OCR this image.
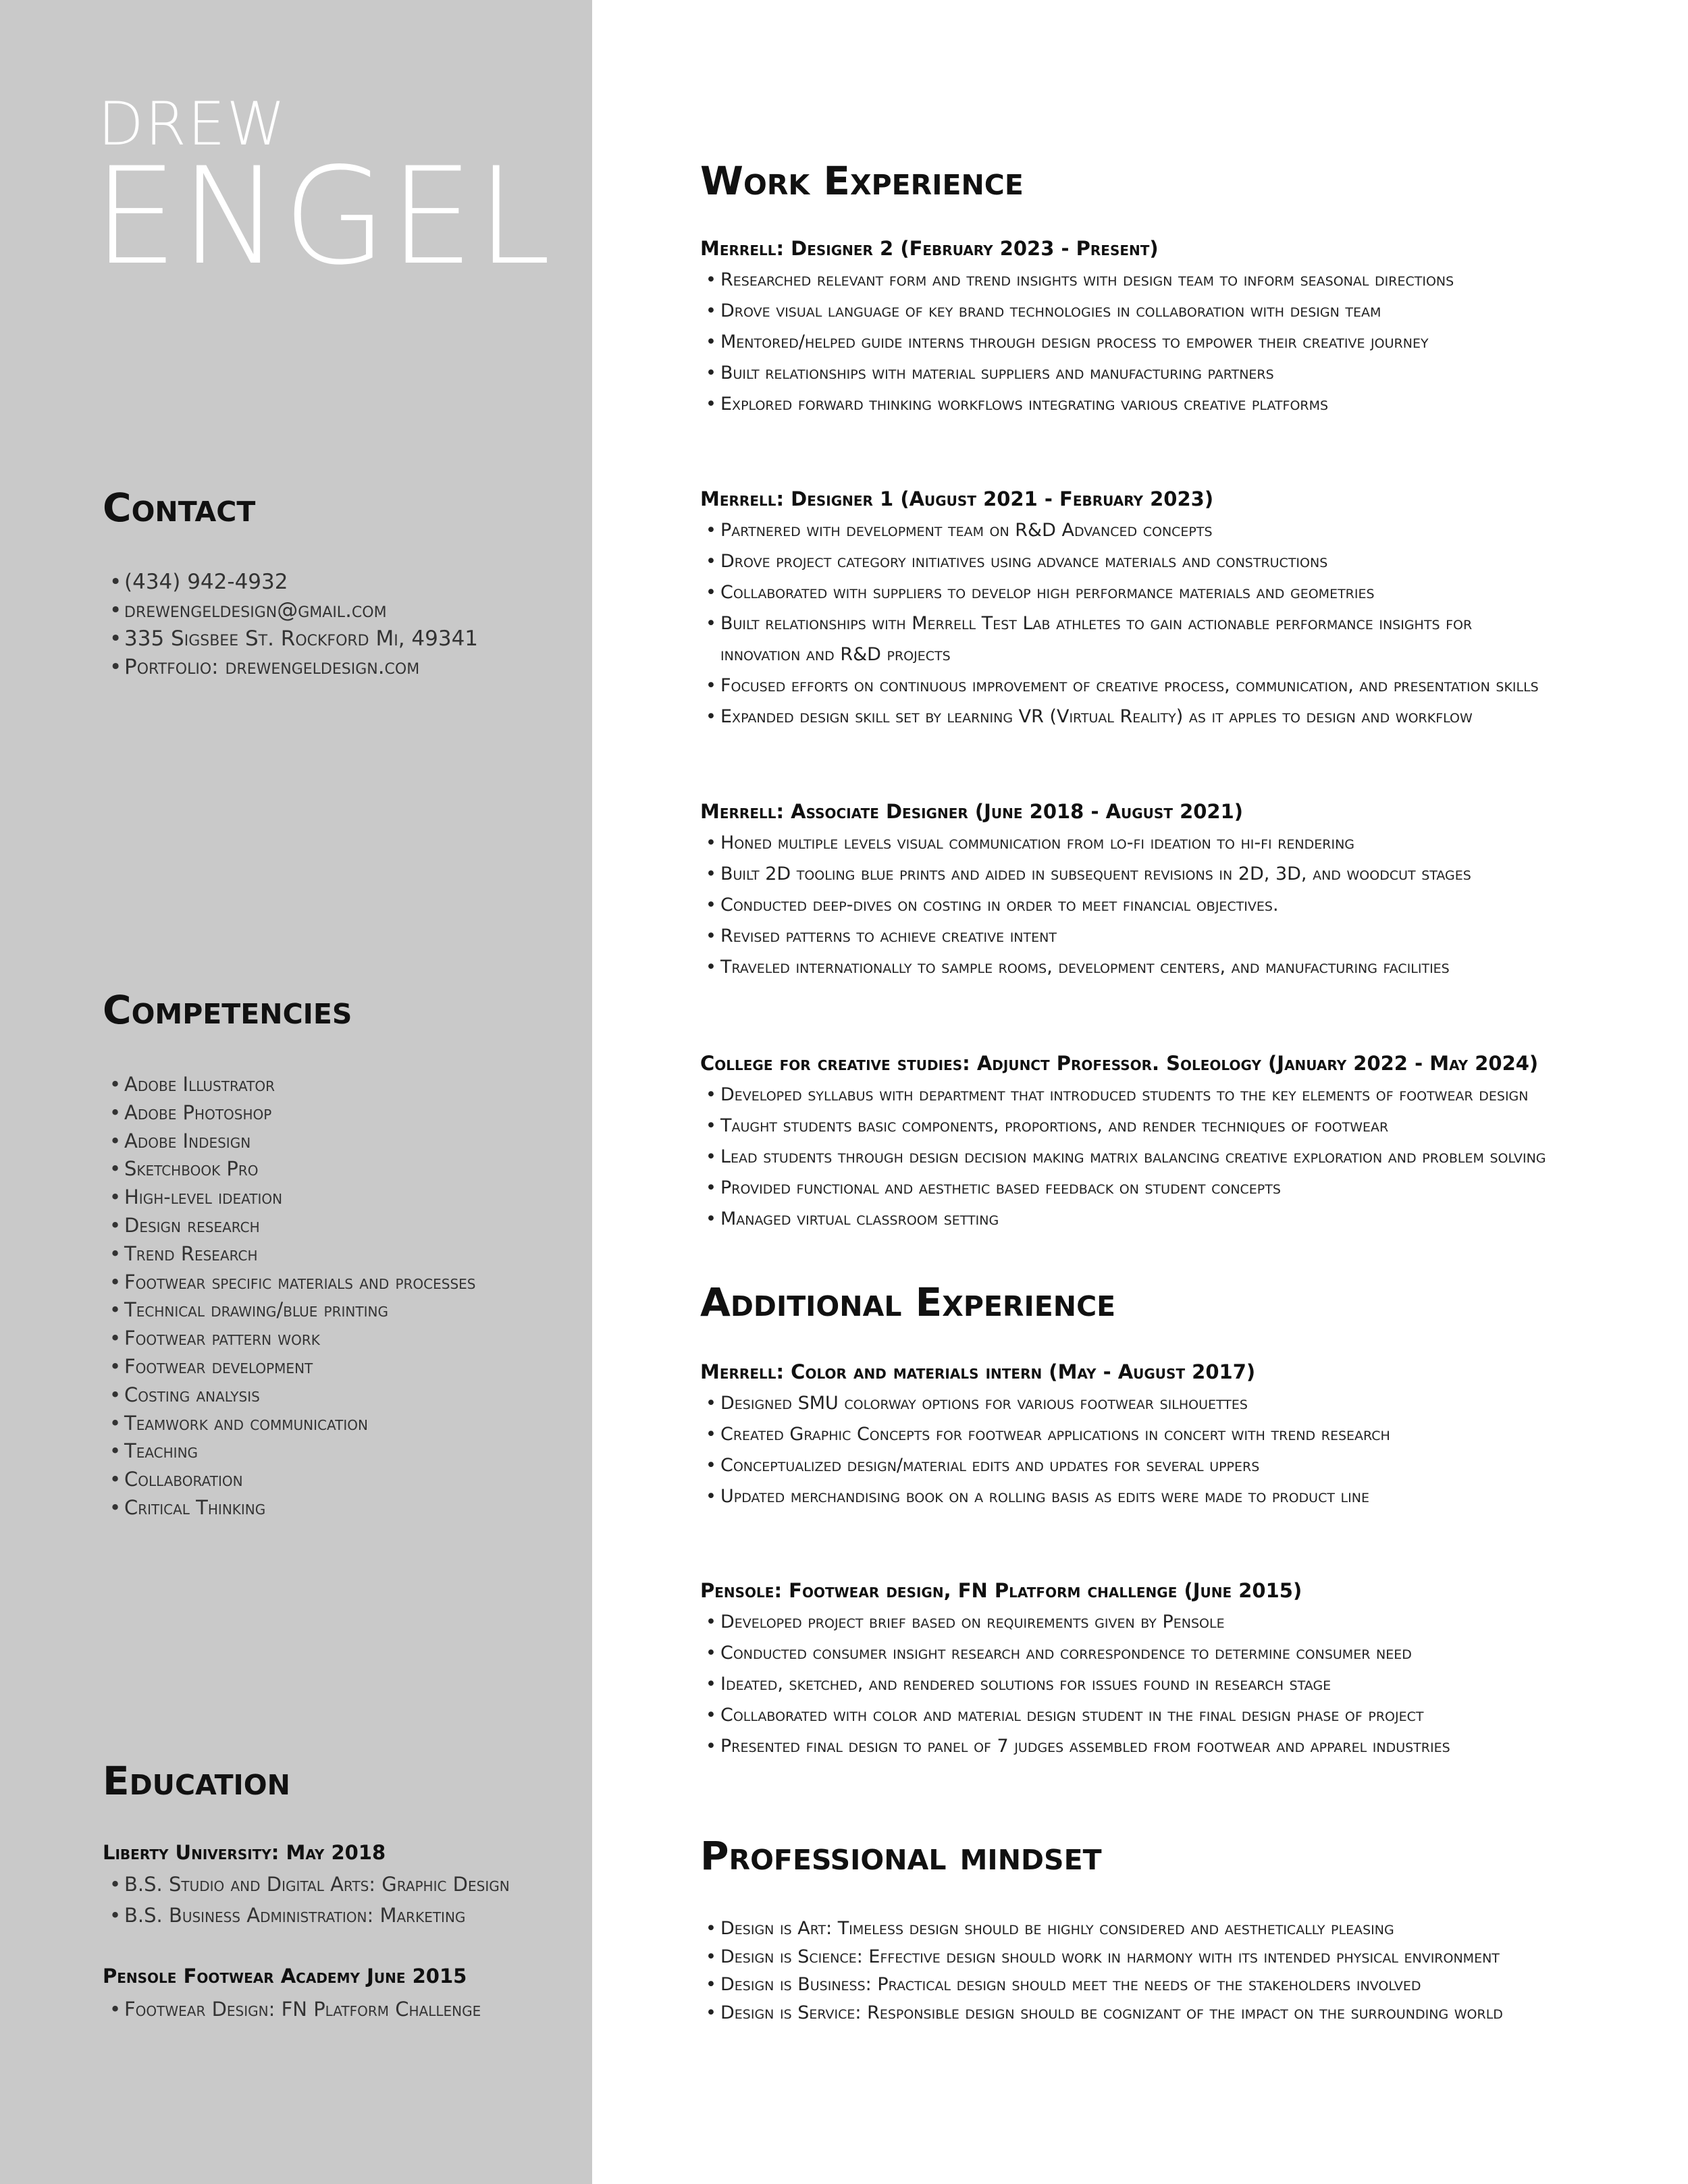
DREW
ENGEL
Contact
• (434) 942-4932
• drewengeldesign@gmail.com
• 335 Sigsbee St. Rockford Mi, 49341
• Portfolio: drewengeldesign.com
Competencies
• Adobe Illustrator
• Adobe Photoshop
• Adobe Indesign
• Sketchbook Pro
• High-level ideation
• Design research
• Trend Research
• Footwear specific materials and processes
• Technical drawing/blue printing
• Footwear pattern work
• Footwear development
• Costing analysis
• Teamwork and communication
• Teaching
• Collaboration
• Critical Thinking
Education
Liberty University: May 2018
• B.S. Studio and Digital Arts: Graphic Design
• B.S. Business Administration: Marketing
Pensole Footwear Academy June 2015
• Footwear Design: FN Platform Challenge
Work Experience
Merrell: Designer 2 (February 2023 - Present)
• Researched relevant form and trend insights with design team to inform seasonal directions
• Drove visual language of key brand technologies in collaboration with design team
• Mentored/helped guide interns through design process to empower their creative journey
• Built relationships with material suppliers and manufacturing partners
• Explored forward thinking workflows integrating various creative platforms
Merrell: Designer 1 (August 2021 - February 2023)
• Partnered with development team on R&D Advanced concepts
• Drove project category initiatives using advance materials and constructions
• Collaborated with suppliers to develop high performance materials and geometries
• Built relationships with Merrell Test Lab athletes to gain actionable performance insights for
innovation and R&D projects
• Focused efforts on continuous improvement of creative process, communication, and presentation skills
• Expanded design skill set by learning VR (Virtual Reality) as it apples to design and workflow
Merrell: Associate Designer (June 2018 - August 2021)
• Honed multiple levels visual communication from lo-fi ideation to hi-fi rendering
• Built 2D tooling blue prints and aided in subsequent revisions in 2D, 3D, and woodcut stages
• Conducted deep-dives on costing in order to meet financial objectives.
• Revised patterns to achieve creative intent
• Traveled internationally to sample rooms, development centers, and manufacturing facilities
College for creative studies: Adjunct Professor. Soleology (January 2022 - May 2024)
• Developed syllabus with department that introduced students to the key elements of footwear design
• Taught students basic components, proportions, and render techniques of footwear
• Lead students through design decision making matrix balancing creative exploration and problem solving
• Provided functional and aesthetic based feedback on student concepts
• Managed virtual classroom setting
Additional Experience
Merrell: Color and materials intern (May - August 2017)
• Designed SMU colorway options for various footwear silhouettes
• Created Graphic Concepts for footwear applications in concert with trend research
• Conceptualized design/material edits and updates for several uppers
• Updated merchandising book on a rolling basis as edits were made to product line
Pensole: Footwear design, FN Platform challenge (June 2015)
• Developed project brief based on requirements given by Pensole
• Conducted consumer insight research and correspondence to determine consumer need
• Ideated, sketched, and rendered solutions for issues found in research stage
• Collaborated with color and material design student in the final design phase of project
• Presented final design to panel of 7 judges assembled from footwear and apparel industries
Professional mindset
• Design is Art: Timeless design should be highly considered and aesthetically pleasing
• Design is Science: Effective design should work in harmony with its intended physical environment
• Design is Business: Practical design should meet the needs of the stakeholders involved
• Design is Service: Responsible design should be cognizant of the impact on the surrounding world
